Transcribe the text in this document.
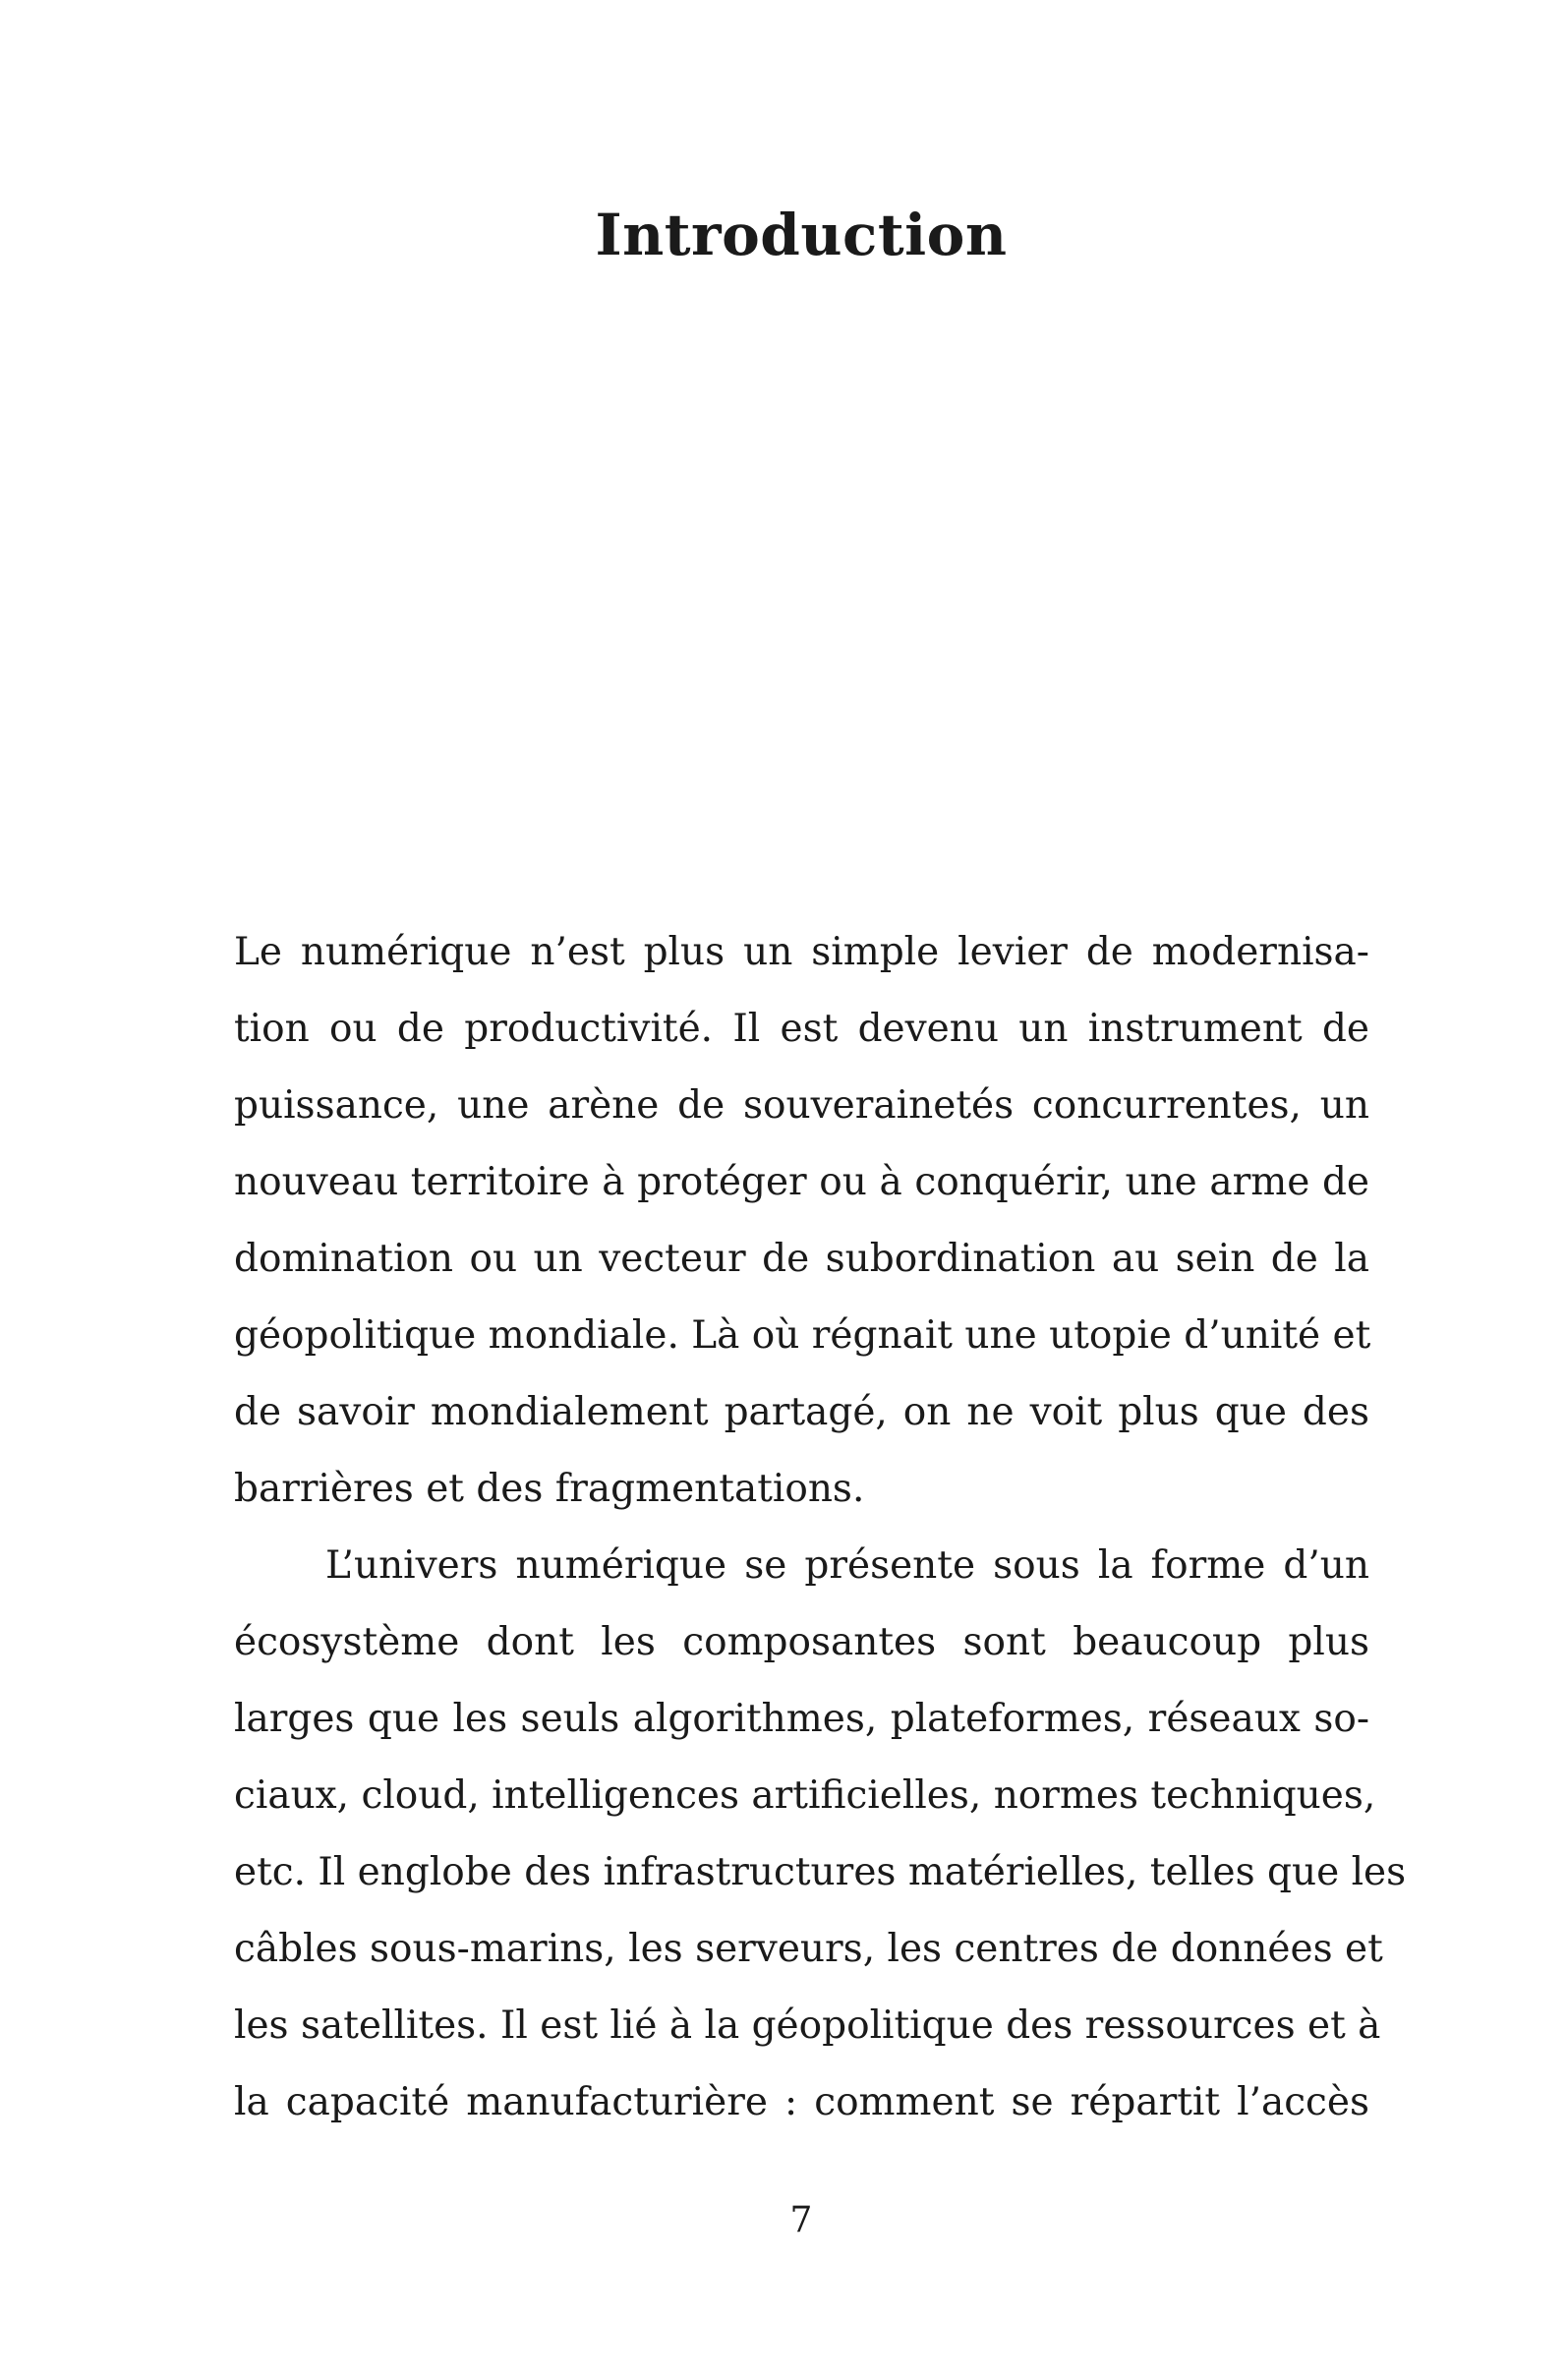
Introduction
Le numérique n’est plus un simple levier de modernisa-
tion ou de productivité. Il est devenu un instrument de
puissance, une arène de souverainetés concurrentes, un
nouveau territoire à protéger ou à conquérir, une arme de
domination ou un vecteur de subordination au sein de la
géopolitique mondiale. Là où régnait une utopie d’unité et
de savoir mondialement partagé, on ne voit plus que des
barrières et des fragmentations.
L’univers numérique se présente sous la forme d’un
écosystème dont les composantes sont beaucoup plus
larges que les seuls algorithmes, plateformes, réseaux so-
ciaux, cloud, intelligences artificielles, normes techniques,
etc. Il englobe des infrastructures matérielles, telles que les
câbles sous-marins, les serveurs, les centres de données et
les satellites. Il est lié à la géopolitique des ressources et à
la capacité manufacturière : comment se répartit l’accès
7
